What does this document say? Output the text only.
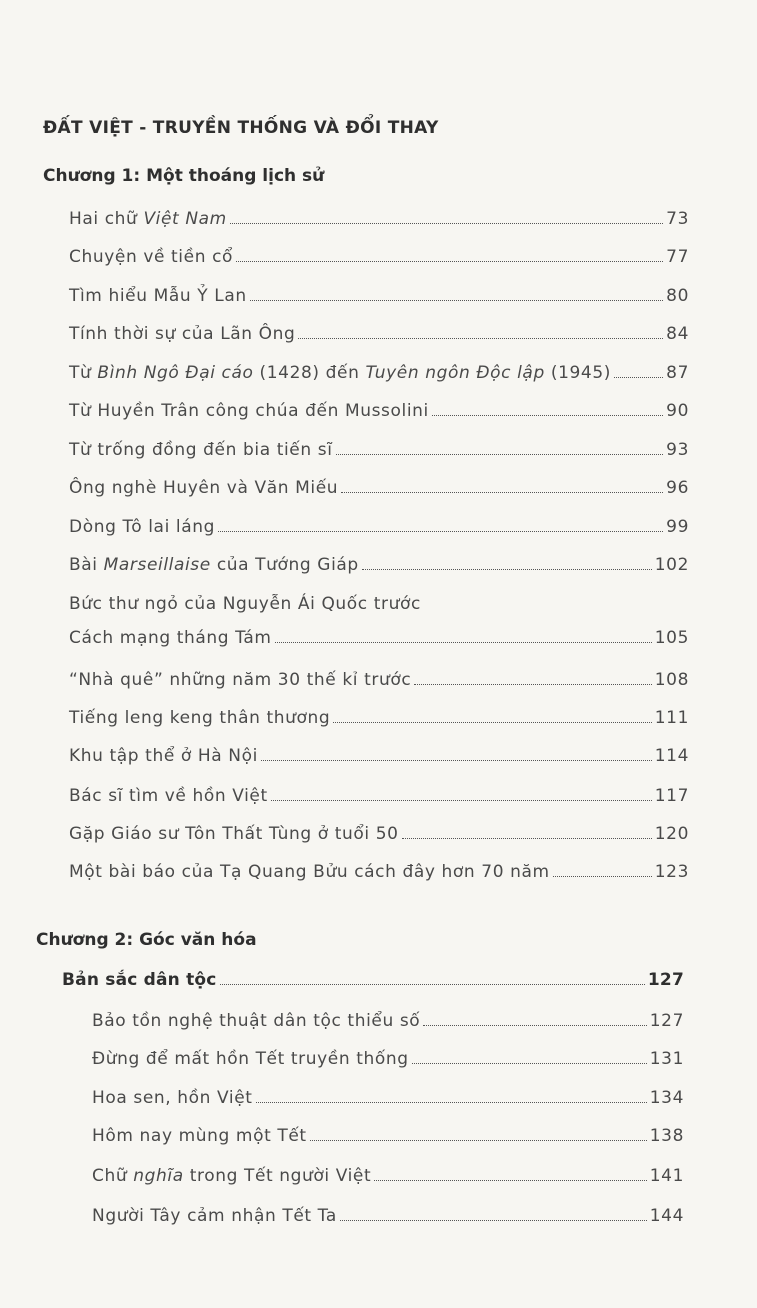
ĐẤT VIỆT - TRUYỀN THỐNG VÀ ĐỔI THAY
Chương 1: Một thoáng lịch sử
Hai chữ Việt Nam	73
Chuyện về tiền cổ	77
Tìm hiểu Mẫu Ỷ Lan	80
Tính thời sự của Lãn Ông	84
Từ Bình Ngô Đại cáo (1428) đến Tuyên ngôn Độc lập (1945)	87
Từ Huyền Trân công chúa đến Mussolini	90
Từ trống đồng đến bia tiến sĩ	93
Ông nghè Huyên và Văn Miếu	96
Dòng Tô lai láng	99
Bài Marseillaise của Tướng Giáp	102
Bức thư ngỏ của Nguyễn Ái Quốc trước
Cách mạng tháng Tám	105
“Nhà quê” những năm 30 thế kỉ trước	108
Tiếng leng keng thân thương	111
Khu tập thể ở Hà Nội	114
Bác sĩ tìm về hồn Việt	117
Gặp Giáo sư Tôn Thất Tùng ở tuổi 50	120
Một bài báo của Tạ Quang Bửu cách đây hơn 70 năm	123
Chương 2: Góc văn hóa
Bản sắc dân tộc	127
Bảo tồn nghệ thuật dân tộc thiểu số	127
Đừng để mất hồn Tết truyền thống	131
Hoa sen, hồn Việt	134
Hôm nay mùng một Tết	138
Chữ nghĩa trong Tết người Việt	141
Người Tây cảm nhận Tết Ta	144
